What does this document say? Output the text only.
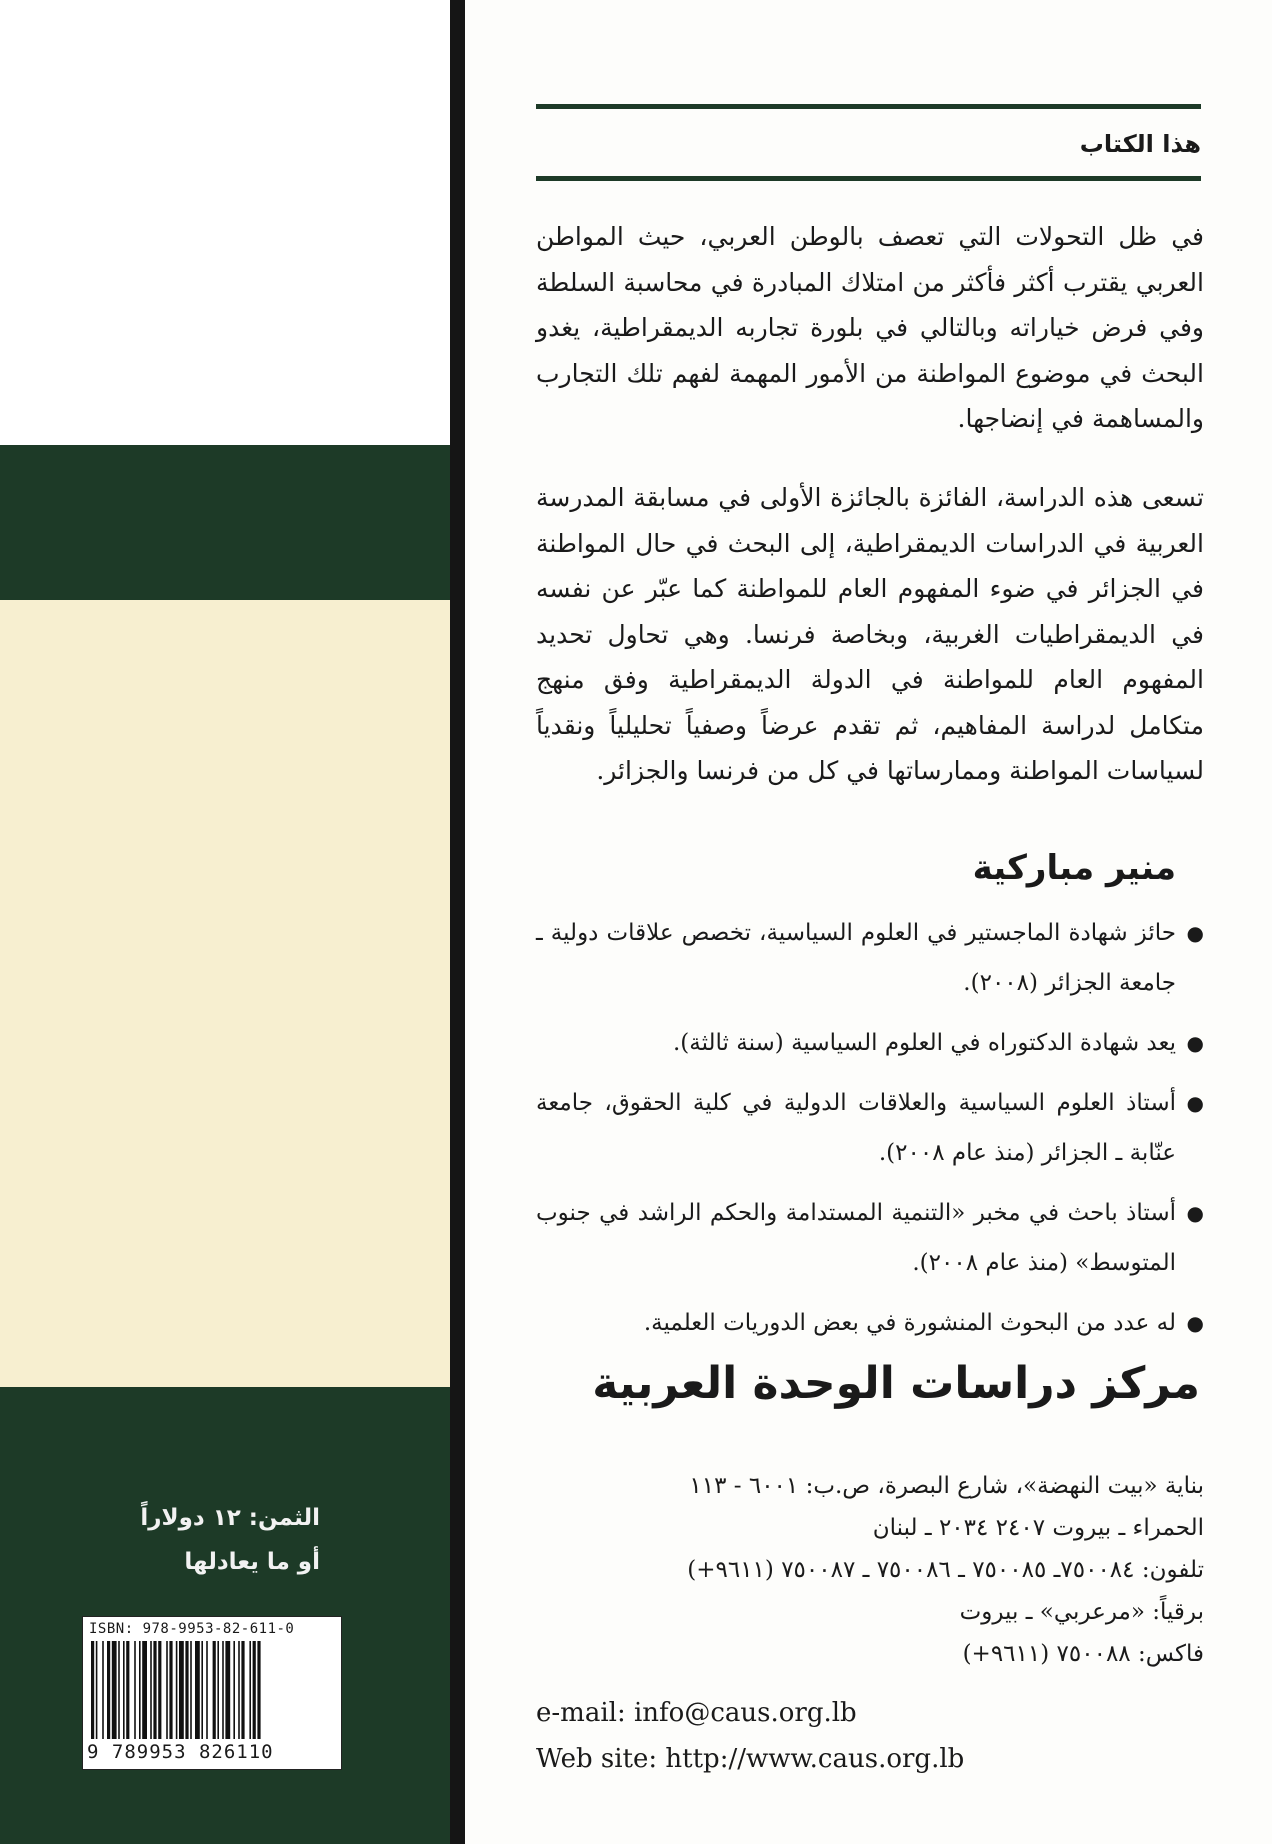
الثمن: ١٢ دولاراً
أو ما يعادلها
ISBN: 978-9953-82-611-0
9 789953 826110
هذا الكتاب
في ظل التحولات التي تعصف بالوطن العربي، حيث المواطن العربي يقترب أكثر فأكثر من امتلاك المبادرة في محاسبة السلطة وفي فرض خياراته وبالتالي في بلورة تجاربه الديمقراطية، يغدو البحث في موضوع المواطنة من الأمور المهمة لفهم تلك التجارب والمساهمة في إنضاجها.
تسعى هذه الدراسة، الفائزة بالجائزة الأولى في مسابقة المدرسة العربية في الدراسات الديمقراطية، إلى البحث في حال المواطنة في الجزائر في ضوء المفهوم العام للمواطنة كما عبّر عن نفسه في الديمقراطيات الغربية، وبخاصة فرنسا. وهي تحاول تحديد المفهوم العام للمواطنة في الدولة الديمقراطية وفق منهج متكامل لدراسة المفاهيم، ثم تقدم عرضاً وصفياً تحليلياً ونقدياً لسياسات المواطنة وممارساتها في كل من فرنسا والجزائر.
منير مباركية
●
حائز شهادة الماجستير في العلوم السياسية، تخصص علاقات دولية ـ جامعة الجزائر (٢٠٠٨).
●
يعد شهادة الدكتوراه في العلوم السياسية (سنة ثالثة).
●
أستاذ العلوم السياسية والعلاقات الدولية في كلية الحقوق، جامعة عنّابة ـ الجزائر (منذ عام ٢٠٠٨).
●
أستاذ باحث في مخبر «التنمية المستدامة والحكم الراشد في جنوب المتوسط» (منذ عام ٢٠٠٨).
●
له عدد من البحوث المنشورة في بعض الدوريات العلمية.
مركز دراسات الوحدة العربية
بناية «بيت النهضة»، شارع البصرة، ص.ب: ٦٠٠١ - ١١٣
الحمراء ـ بيروت ٢٤٠٧ ٢٠٣٤ ـ لبنان
تلفون: ٧٥٠٠٨٤ـ ٧٥٠٠٨٥ ـ ٧٥٠٠٨٦ ـ ٧٥٠٠٨٧ (٩٦١١+)
برقياً: «مرعربي» ـ بيروت
فاكس: ٧٥٠٠٨٨ (٩٦١١+)
e-mail: info@caus.org.lb
Web site: http://www.caus.org.lb
